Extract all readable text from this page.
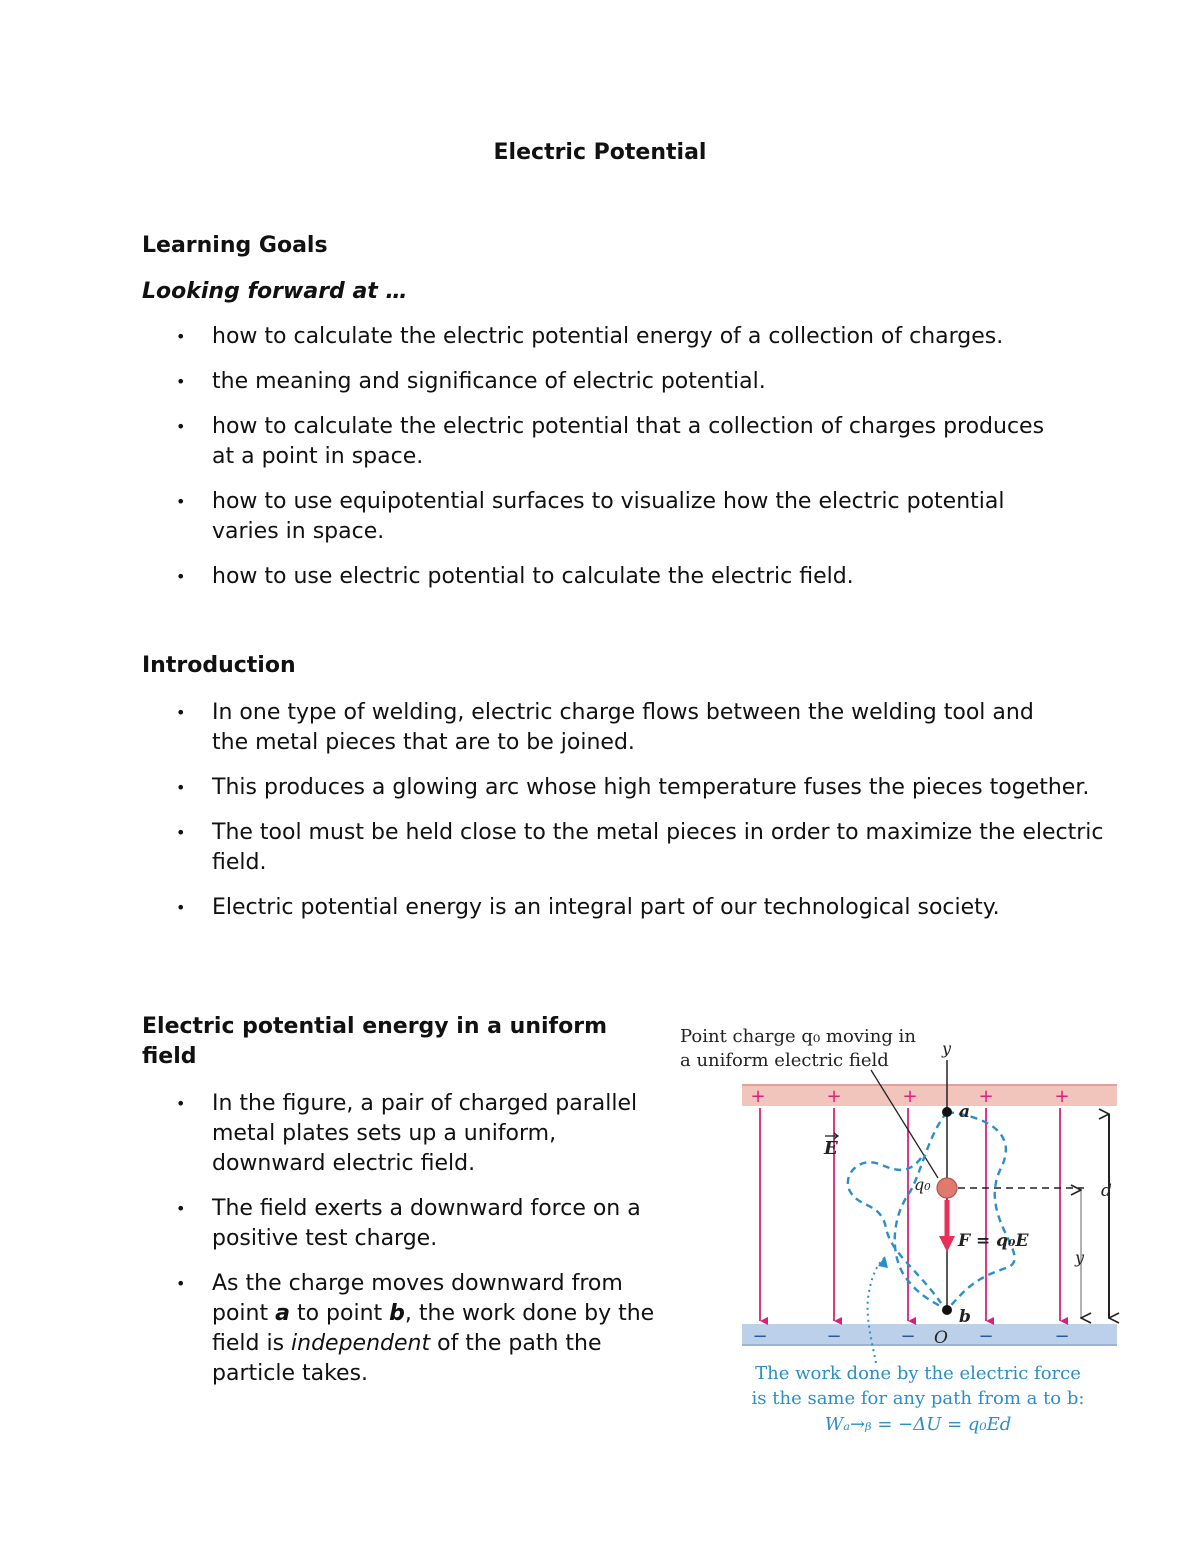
Electric Potential
Learning Goals
Looking forward at …
• how to calculate the electric potential energy of a collection of charges.
• the meaning and significance of electric potential.
• how to calculate the electric potential that a collection of charges produces at a point in space.
• how to use equipotential surfaces to visualize how the electric potential varies in space.
• how to use electric potential to calculate the electric field.
Introduction
• In one type of welding, electric charge flows between the welding tool and the metal pieces that are to be joined.
• This produces a glowing arc whose high temperature fuses the pieces together.
• The tool must be held close to the metal pieces in order to maximize the electric field.
• Electric potential energy is an integral part of our technological society.
Electric potential energy in a uniform field
• In the figure, a pair of charged parallel metal plates sets up a uniform, downward electric field.
• The field exerts a downward force on a positive test charge.
• As the charge moves downward from point a to point b, the work done by the field is independent of the path the particle takes.
Point charge q₀ moving in
a uniform electric field
+	+	+	+	+
−	−	−	−	−
E
y
a
b
O
q₀
F = q₀E
d
y
The work done by the electric force
is the same for any path from a to b:
Wₐ→ᵦ = −ΔU = q₀Ed
